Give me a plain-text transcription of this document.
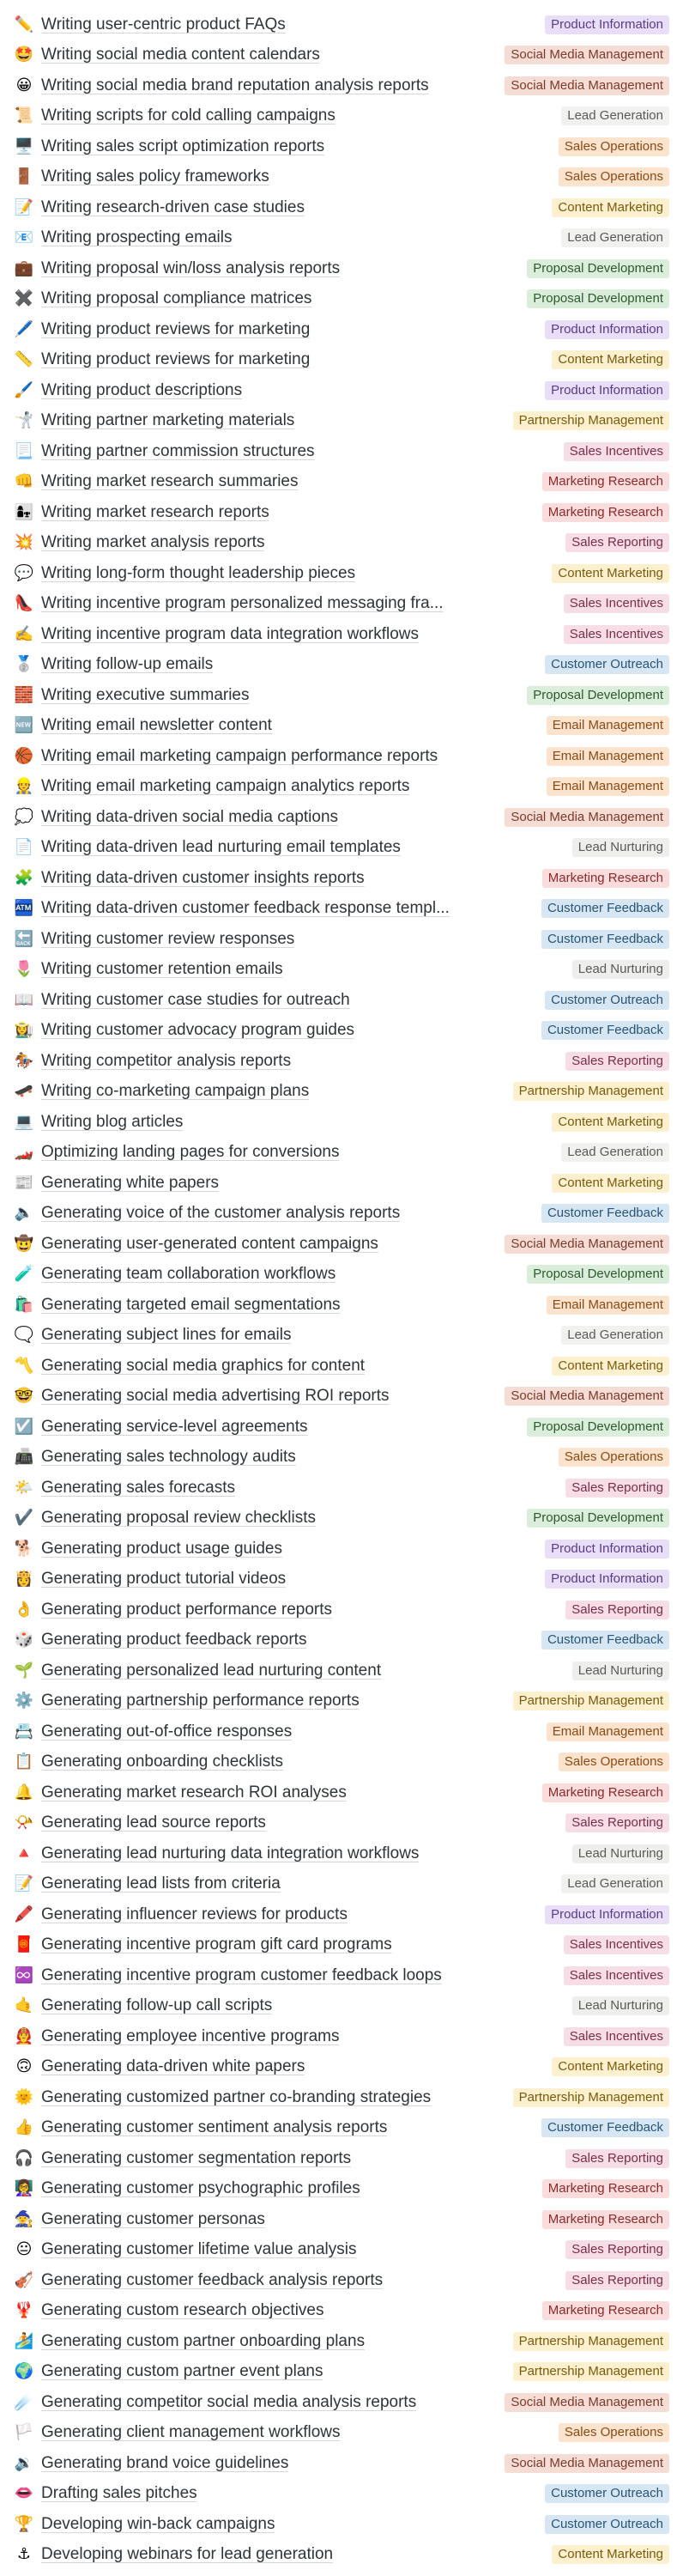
✏️ Writing user-centric product FAQs	Product Information
🤩 Writing social media content calendars	Social Media Management
😀 Writing social media brand reputation analysis reports	Social Media Management
📜 Writing scripts for cold calling campaigns	Lead Generation
🖥️ Writing sales script optimization reports	Sales Operations
🚪 Writing sales policy frameworks	Sales Operations
📝 Writing research-driven case studies	Content Marketing
📧 Writing prospecting emails	Lead Generation
💼 Writing proposal win/loss analysis reports	Proposal Development
✖️ Writing proposal compliance matrices	Proposal Development
🖊️ Writing product reviews for marketing	Product Information
📏 Writing product reviews for marketing	Content Marketing
🖌️ Writing product descriptions	Product Information
🤺 Writing partner marketing materials	Partnership Management
📃 Writing partner commission structures	Sales Incentives
👊 Writing market research summaries	Marketing Research
👩‍👧 Writing market research reports	Marketing Research
💥 Writing market analysis reports	Sales Reporting
💬 Writing long-form thought leadership pieces	Content Marketing
👠 Writing incentive program personalized messaging fra...	Sales Incentives
✍️ Writing incentive program data integration workflows	Sales Incentives
🥈 Writing follow-up emails	Customer Outreach
🧱 Writing executive summaries	Proposal Development
🆕 Writing email newsletter content	Email Management
🏀 Writing email marketing campaign performance reports	Email Management
👷 Writing email marketing campaign analytics reports	Email Management
💭 Writing data-driven social media captions	Social Media Management
📄 Writing data-driven lead nurturing email templates	Lead Nurturing
🧩 Writing data-driven customer insights reports	Marketing Research
🏧 Writing data-driven customer feedback response templ...	Customer Feedback
🔙 Writing customer review responses	Customer Feedback
🌷 Writing customer retention emails	Lead Nurturing
📖 Writing customer case studies for outreach	Customer Outreach
👩‍🌾 Writing customer advocacy program guides	Customer Feedback
🏇 Writing competitor analysis reports	Sales Reporting
🛹 Writing co-marketing campaign plans	Partnership Management
💻 Writing blog articles	Content Marketing
🏎️ Optimizing landing pages for conversions	Lead Generation
📰 Generating white papers	Content Marketing
🔈 Generating voice of the customer analysis reports	Customer Feedback
🤠 Generating user-generated content campaigns	Social Media Management
🧪 Generating team collaboration workflows	Proposal Development
🛍️ Generating targeted email segmentations	Email Management
🗨️ Generating subject lines for emails	Lead Generation
〽️ Generating social media graphics for content	Content Marketing
🤓 Generating social media advertising ROI reports	Social Media Management
☑️ Generating service-level agreements	Proposal Development
📠 Generating sales technology audits	Sales Operations
🌤️ Generating sales forecasts	Sales Reporting
✔️ Generating proposal review checklists	Proposal Development
🐕 Generating product usage guides	Product Information
👸 Generating product tutorial videos	Product Information
👌 Generating product performance reports	Sales Reporting
🎲 Generating product feedback reports	Customer Feedback
🌱 Generating personalized lead nurturing content	Lead Nurturing
⚙️ Generating partnership performance reports	Partnership Management
📇 Generating out-of-office responses	Email Management
📋 Generating onboarding checklists	Sales Operations
🔔 Generating market research ROI analyses	Marketing Research
📯 Generating lead source reports	Sales Reporting
🔺 Generating lead nurturing data integration workflows	Lead Nurturing
📝 Generating lead lists from criteria	Lead Generation
🖍️ Generating influencer reviews for products	Product Information
🧧 Generating incentive program gift card programs	Sales Incentives
♾️ Generating incentive program customer feedback loops	Sales Incentives
🤙 Generating follow-up call scripts	Lead Nurturing
👨‍🚒 Generating employee incentive programs	Sales Incentives
🙃 Generating data-driven white papers	Content Marketing
🌞 Generating customized partner co-branding strategies	Partnership Management
👍 Generating customer sentiment analysis reports	Customer Feedback
🎧 Generating customer segmentation reports	Sales Reporting
👩‍🏫 Generating customer psychographic profiles	Marketing Research
🧙 Generating customer personas	Marketing Research
😐 Generating customer lifetime value analysis	Sales Reporting
🎻 Generating customer feedback analysis reports	Sales Reporting
🦞 Generating custom research objectives	Marketing Research
🏄 Generating custom partner onboarding plans	Partnership Management
🌍 Generating custom partner event plans	Partnership Management
☄️ Generating competitor social media analysis reports	Social Media Management
🏳️ Generating client management workflows	Sales Operations
🔉 Generating brand voice guidelines	Social Media Management
👄 Drafting sales pitches	Customer Outreach
🏆 Developing win-back campaigns	Customer Outreach
⚓ Developing webinars for lead generation	Content Marketing
